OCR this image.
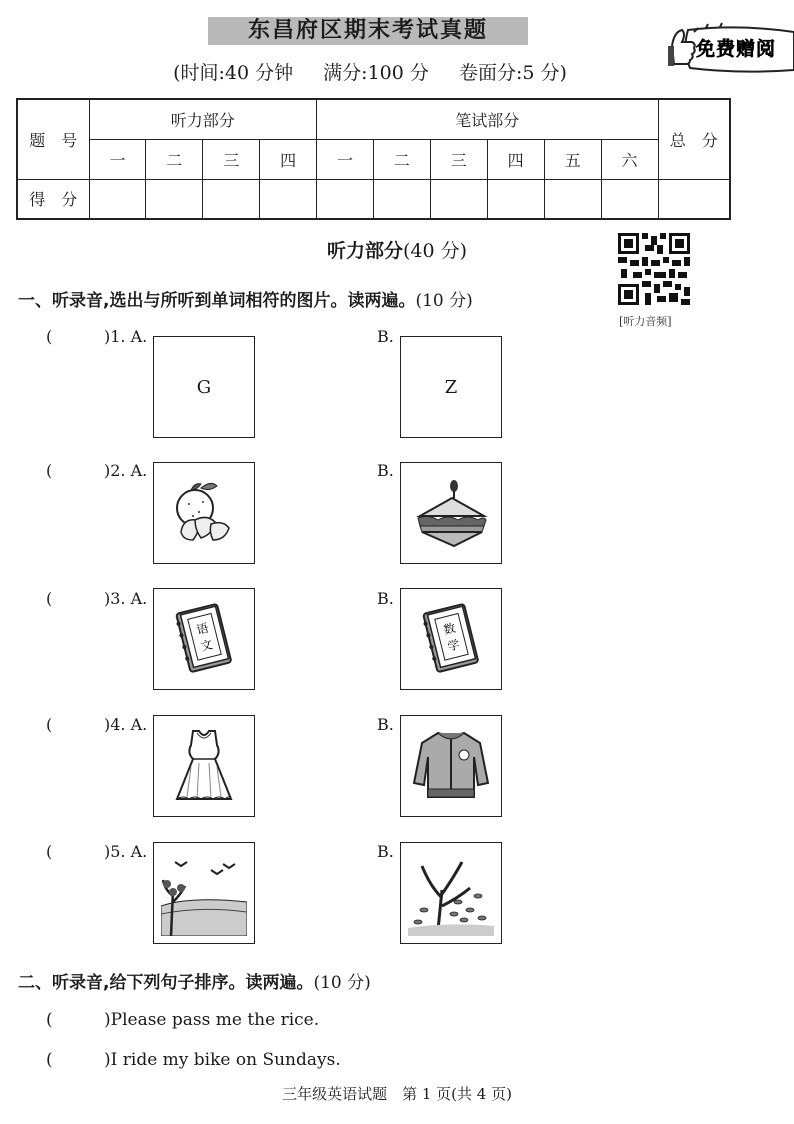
东昌府区期末考试真题
(时间:40 分钟 满分:100 分 卷面分:5 分)
免费赠阅
题　号	听力部分				笔试部分						总　分
	一	二	三	四	一	二	三	四	五	六	
得　分											
听力部分(40 分)
[听力音频]
一、听录音,选出与所听到单词相符的图片。读两遍。(10 分)
(	)1. A.
G
B.
Z
(	)2. A.	B.
(	)3. A.
语
文
B.
数
学
(	)4. A.	B.
(	)5. A.	B.
二、听录音,给下列句子排序。读两遍。(10 分)
(	)Please pass me the rice.
(	)I ride my bike on Sundays.
三年级英语试题　第 1 页(共 4 页)
